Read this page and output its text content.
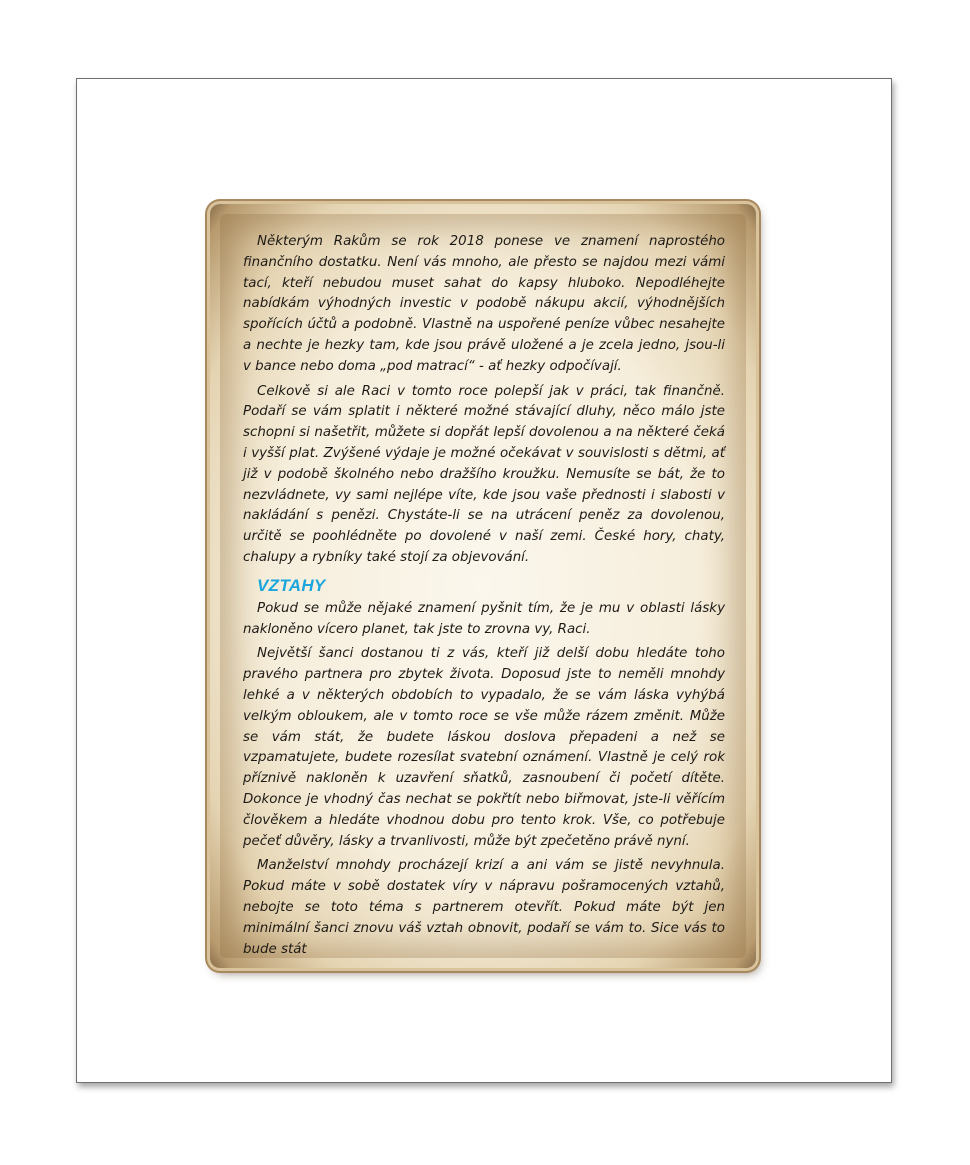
Některým Rakům se rok 2018 ponese ve znamení naprostého finančního dostatku. Není vás mnoho, ale přesto se najdou mezi vámi tací, kteří nebudou muset sahat do kapsy hluboko. Nepodléhejte nabídkám výhodných investic v podobě nákupu akcií, výhodnějších spořících účtů a podobně. Vlastně na uspořené peníze vůbec nesahejte a nechte je hezky tam, kde jsou právě uložené a je zcela jedno, jsou-li v bance nebo doma „pod matrací“ - ať hezky odpočívají.

Celkově si ale Raci v tomto roce polepší jak v práci, tak finančně. Podaří se vám splatit i některé možné stávající dluhy, něco málo jste schopni si našetřit, můžete si dopřát lepší dovolenou a na některé čeká i vyšší plat. Zvýšené výdaje je možné očekávat v souvislosti s dětmi, ať již v podobě školného nebo dražšího kroužku. Nemusíte se bát, že to nezvládnete, vy sami nejlépe víte, kde jsou vaše přednosti i slabosti v nakládání s penězi. Chystáte-li se na utrácení peněz za dovolenou, určitě se poohlédněte po dovolené v naší zemi. České hory, chaty, chalupy a rybníky také stojí za objevování.

VZTAHY

Pokud se může nějaké znamení pyšnit tím, že je mu v oblasti lásky nakloněno vícero planet, tak jste to zrovna vy, Raci.

Největší šanci dostanou ti z vás, kteří již delší dobu hledáte toho pravého partnera pro zbytek života. Doposud jste to neměli mnohdy lehké a v některých obdobích to vypadalo, že se vám láska vyhýbá velkým obloukem, ale v tomto roce se vše může rázem změnit. Může se vám stát, že budete láskou doslova přepadeni a než se vzpamatujete, budete rozesílat svatební oznámení. Vlastně je celý rok příznivě nakloněn k uzavření sňatků, zasnoubení či početí dítěte. Dokonce je vhodný čas nechat se pokřtít nebo biřmovat, jste-li věřícím člověkem a hledáte vhodnou dobu pro tento krok. Vše, co potřebuje pečeť důvěry, lásky a trvanlivosti, může být zpečetěno právě nyní.

Manželství mnohdy procházejí krizí a ani vám se jistě nevyhnula. Pokud máte v sobě dostatek víry v nápravu pošramocených vztahů, nebojte se toto téma s partnerem otevřít. Pokud máte být jen minimální šanci znovu váš vztah obnovit, podaří se vám to. Sice vás to bude stát
